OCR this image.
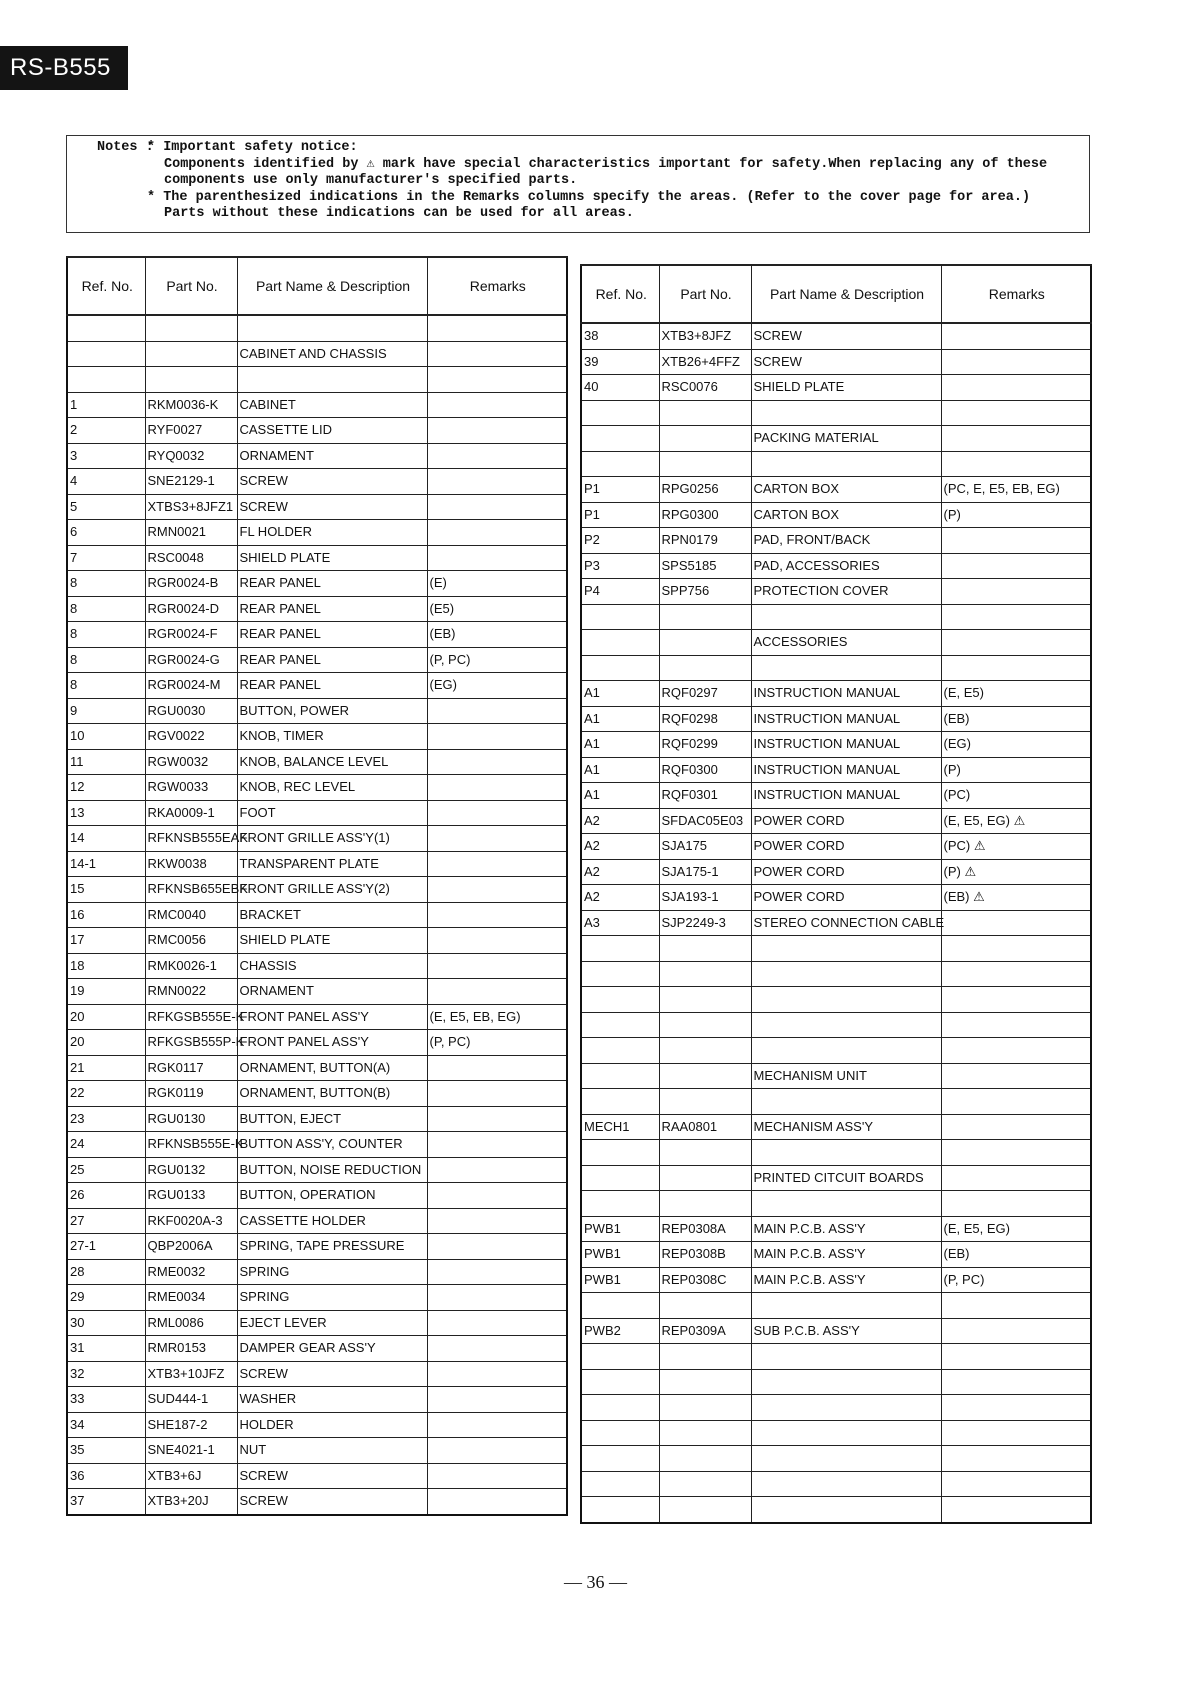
RS-B555
Notes :
* Important safety notice:
Components identified by ⚠ mark have special characteristics important for safety.When replacing any of these
components use only manufacturer's specified parts.
* The parenthesized indications in the Remarks columns specify the areas. (Refer to the cover page for area.)
Parts without these indications can be used for all areas.
Ref. No.	Part No.	Part Name & Description	Remarks

		CABINET AND CHASSIS	

1	RKM0036-K	CABINET	
2	RYF0027	CASSETTE LID	
3	RYQ0032	ORNAMENT	
4	SNE2129-1	SCREW	
5	XTBS3+8JFZ1	SCREW	
6	RMN0021	FL HOLDER	
7	RSC0048	SHIELD PLATE	
8	RGR0024-B	REAR PANEL	(E)
8	RGR0024-D	REAR PANEL	(E5)
8	RGR0024-F	REAR PANEL	(EB)
8	RGR0024-G	REAR PANEL	(P, PC)
8	RGR0024-M	REAR PANEL	(EG)
9	RGU0030	BUTTON, POWER	
10	RGV0022	KNOB, TIMER	
11	RGW0032	KNOB, BALANCE LEVEL	
12	RGW0033	KNOB, REC LEVEL	
13	RKA0009-1	FOOT	
14	RFKNSB555EAK	FRONT GRILLE ASS'Y(1)	
14-1	RKW0038	TRANSPARENT PLATE	
15	RFKNSB655EBK	FRONT GRILLE ASS'Y(2)	
16	RMC0040	BRACKET	
17	RMC0056	SHIELD PLATE	
18	RMK0026-1	CHASSIS	
19	RMN0022	ORNAMENT	
20	RFKGSB555E-K	FRONT PANEL ASS'Y	(E, E5, EB, EG)
20	RFKGSB555P-K	FRONT PANEL ASS'Y	(P, PC)
21	RGK0117	ORNAMENT, BUTTON(A)	
22	RGK0119	ORNAMENT, BUTTON(B)	
23	RGU0130	BUTTON, EJECT	
24	RFKNSB555E-K	BUTTON ASS'Y, COUNTER	
25	RGU0132	BUTTON, NOISE REDUCTION	
26	RGU0133	BUTTON, OPERATION	
27	RKF0020A-3	CASSETTE HOLDER	
27-1	QBP2006A	SPRING, TAPE PRESSURE	
28	RME0032	SPRING	
29	RME0034	SPRING	
30	RML0086	EJECT LEVER	
31	RMR0153	DAMPER GEAR ASS'Y	
32	XTB3+10JFZ	SCREW	
33	SUD444-1	WASHER	
34	SHE187-2	HOLDER	
35	SNE4021-1	NUT	
36	XTB3+6J	SCREW	
37	XTB3+20J	SCREW	
Ref. No.	Part No.	Part Name & Description	Remarks
38	XTB3+8JFZ	SCREW	
39	XTB26+4FFZ	SCREW	
40	RSC0076	SHIELD PLATE	

		PACKING MATERIAL	

P1	RPG0256	CARTON BOX	(PC, E, E5, EB, EG)
P1	RPG0300	CARTON BOX	(P)
P2	RPN0179	PAD, FRONT/BACK	
P3	SPS5185	PAD, ACCESSORIES	
P4	SPP756	PROTECTION COVER	

		ACCESSORIES	

A1	RQF0297	INSTRUCTION MANUAL	(E, E5)
A1	RQF0298	INSTRUCTION MANUAL	(EB)
A1	RQF0299	INSTRUCTION MANUAL	(EG)
A1	RQF0300	INSTRUCTION MANUAL	(P)
A1	RQF0301	INSTRUCTION MANUAL	(PC)
A2	SFDAC05E03	POWER CORD	(E, E5, EG) ⚠
A2	SJA175	POWER CORD	(PC) ⚠
A2	SJA175-1	POWER CORD	(P) ⚠
A2	SJA193-1	POWER CORD	(EB) ⚠
A3	SJP2249-3	STEREO CONNECTION CABLE	

		MECHANISM UNIT	

MECH1	RAA0801	MECHANISM ASS'Y	

		PRINTED CITCUIT BOARDS	

PWB1	REP0308A	MAIN P.C.B. ASS'Y	(E, E5, EG)
PWB1	REP0308B	MAIN P.C.B. ASS'Y	(EB)
PWB1	REP0308C	MAIN P.C.B. ASS'Y	(P, PC)

PWB2	REP0309A	SUB P.C.B. ASS'Y	

— 36 —
